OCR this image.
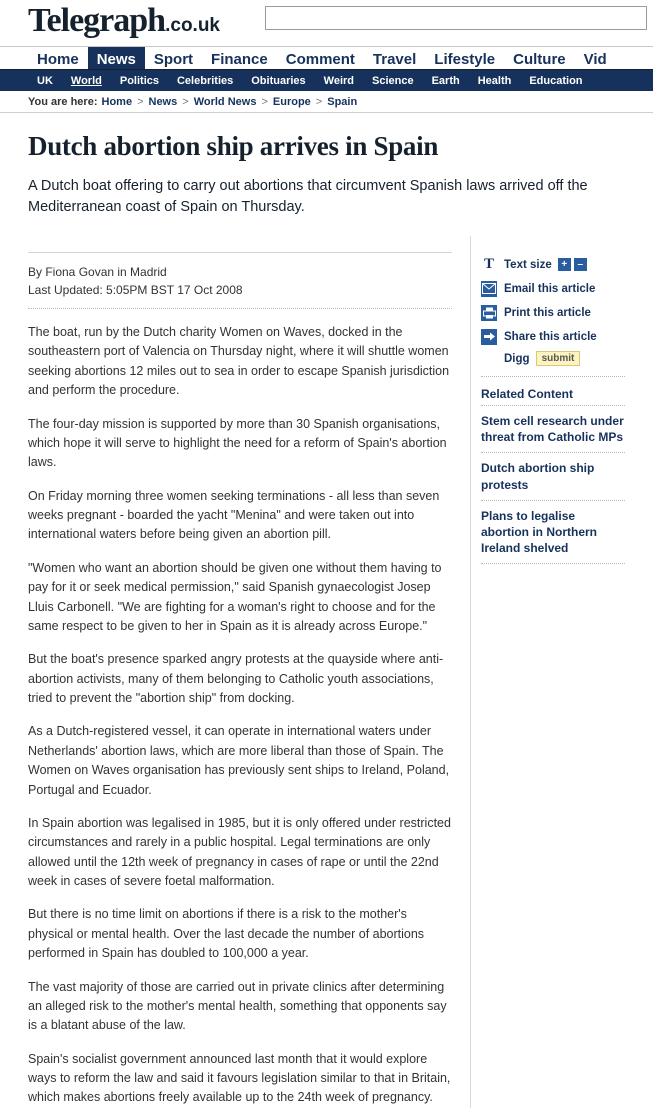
Telegraph.co.uk
Home	News	Sport	Finance	Comment	Travel	Lifestyle	Culture	Vid
UK	World	Politics	Celebrities	Obituaries	Weird	Science	Earth	Health	Education
You are here: Home > News > World News > Europe > Spain
Dutch abortion ship arrives in Spain

A Dutch boat offering to carry out abortions that circumvent Spanish laws arrived off the Mediterranean coast of Spain on Thursday.

By Fiona Govan in Madrid
Last Updated: 5:05PM BST 17 Oct 2008

The boat, run by the Dutch charity Women on Waves, docked in the southeastern port of Valencia on Thursday night, where it will shuttle women seeking abortions 12 miles out to sea in order to escape Spanish jurisdiction and perform the procedure.

The four-day mission is supported by more than 30 Spanish organisations, which hope it will serve to highlight the need for a reform of Spain's abortion laws.

On Friday morning three women seeking terminations - all less than seven weeks pregnant - boarded the yacht "Menina" and were taken out into international waters before being given an abortion pill.

"Women who want an abortion should be given one without them having to pay for it or seek medical permission," said Spanish gynaecologist Josep Lluis Carbonell. "We are fighting for a woman's right to choose and for the same respect to be given to her in Spain as it is already across Europe."

But the boat's presence sparked angry protests at the quayside where anti-abortion activists, many of them belonging to Catholic youth associations, tried to prevent the "abortion ship" from docking.

As a Dutch-registered vessel, it can operate in international waters under Netherlands' abortion laws, which are more liberal than those of Spain. The Women on Waves organisation has previously sent ships to Ireland, Poland, Portugal and Ecuador.

In Spain abortion was legalised in 1985, but it is only offered under restricted circumstances and rarely in a public hospital. Legal terminations are only allowed until the 12th week of pregnancy in cases of rape or until the 22nd week in cases of severe foetal malformation.

But there is no time limit on abortions if there is a risk to the mother's physical or mental health. Over the last decade the number of abortions performed in Spain has doubled to 100,000 a year.

The vast majority of those are carried out in private clinics after determining an alleged risk to the mother's mental health, something that opponents say is a blatant abuse of the law.

Spain's socialist government announced last month that it would explore ways to reform the law and said it favours legislation similar to that in Britain, which makes abortions freely available up to the 24th week of pregnancy.

T Text size +	–
Email this article
Print this article
Share this article
Digg	submit
Related Content
Stem cell research under threat from Catholic MPs
Dutch abortion ship protests
Plans to legalise abortion in Northern Ireland shelved
